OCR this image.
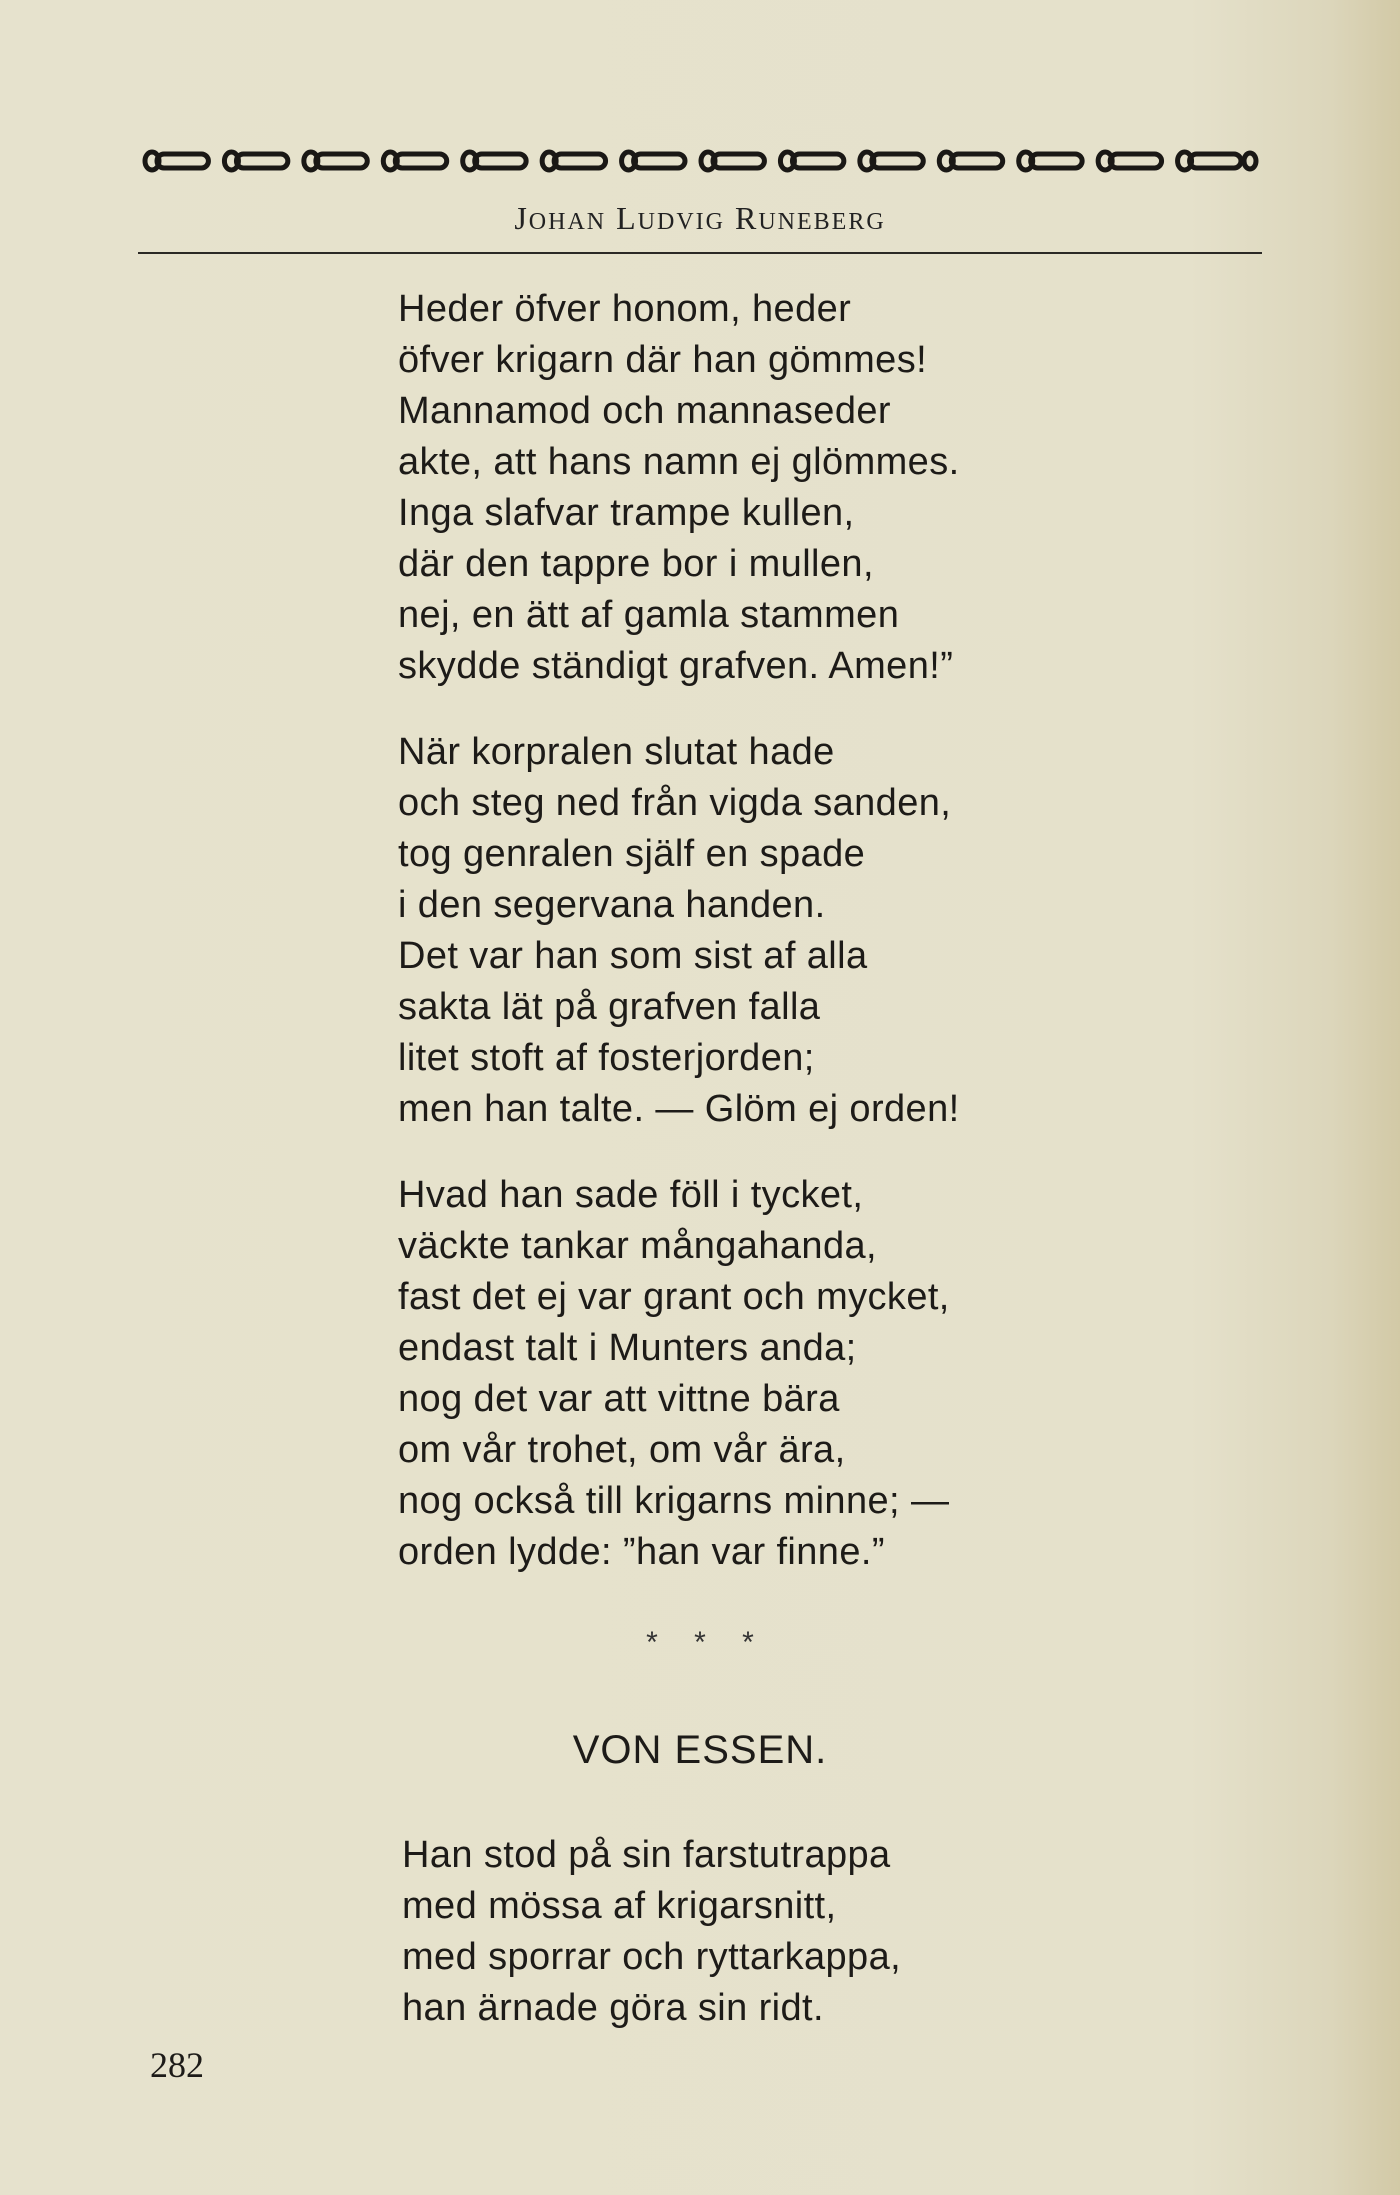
JOHAN LUDVIG RUNEBERG
Heder öfver honom, heder
öfver krigarn där han gömmes!
Mannamod och mannaseder
akte, att hans namn ej glömmes.
Inga slafvar trampe kullen,
där den tappre bor i mullen,
nej, en ätt af gamla stammen
skydde ständigt grafven. Amen!”
När korpralen slutat hade
och steg ned från vigda sanden,
tog genralen själf en spade
i den segervana handen.
Det var han som sist af alla
sakta lät på grafven falla
litet stoft af fosterjorden;
men han talte. — Glöm ej orden!
Hvad han sade föll i tycket,
väckte tankar mångahanda,
fast det ej var grant och mycket,
endast talt i Munters anda;
nog det var att vittne bära
om vår trohet, om vår ära,
nog också till krigarns minne; —
orden lydde: ”han var finne.”
* * *
VON ESSEN.
Han stod på sin farstutrappa
med mössa af krigarsnitt,
med sporrar och ryttarkappa,
han ärnade göra sin ridt.
282
